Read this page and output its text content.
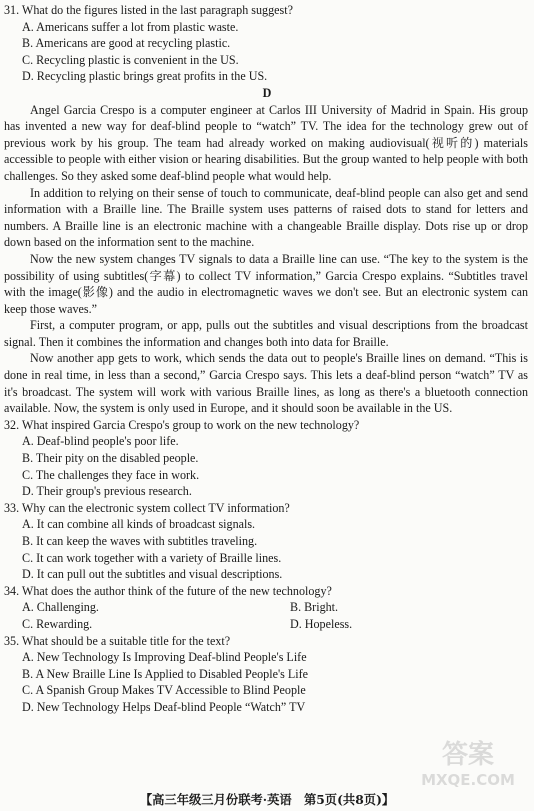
31. What do the figures listed in the last paragraph suggest?

A. Americans suffer a lot from plastic waste.

B. Americans are good at recycling plastic.

C. Recycling plastic is convenient in the US.

D. Recycling plastic brings great profits in the US.

D

Angel Garcia Crespo is a computer engineer at Carlos III University of Madrid in Spain. His group has invented a new way for deaf-blind people to “watch” TV. The idea for the technology grew out of previous work by his group. The team had already worked on making audiovisual(视听的) materials accessible to people with either vision or hearing disabilities. But the group wanted to help people with both challenges. So they asked some deaf-blind people what would help.

In addition to relying on their sense of touch to communicate, deaf-blind people can also get and send information with a Braille line. The Braille system uses patterns of raised dots to stand for letters and numbers. A Braille line is an electronic machine with a changeable Braille display. Dots rise up or drop down based on the information sent to the machine.

Now the new system changes TV signals to data a Braille line can use. “The key to the system is the possibility of using subtitles(字幕) to collect TV information,” Garcia Crespo explains. “Subtitles travel with the image(影像) and the audio in electromagnetic waves we don't see. But an electronic system can keep those waves.”

First, a computer program, or app, pulls out the subtitles and visual descriptions from the broadcast signal. Then it combines the information and changes both into data for Braille.

Now another app gets to work, which sends the data out to people's Braille lines on demand. “This is done in real time, in less than a second,” Garcia Crespo says. This lets a deaf-blind person “watch” TV as it's broadcast. The system will work with various Braille lines, as long as there's a bluetooth connection available. Now, the system is only used in Europe, and it should soon be available in the US.

32. What inspired Garcia Crespo's group to work on the new technology?

A. Deaf-blind people's poor life.

B. Their pity on the disabled people.

C. The challenges they face in work.

D. Their group's previous research.

33. Why can the electronic system collect TV information?

A. It can combine all kinds of broadcast signals.

B. It can keep the waves with subtitles traveling.

C. It can work together with a variety of Braille lines.

D. It can pull out the subtitles and visual descriptions.

34. What does the author think of the future of the new technology?

A. Challenging.	B. Bright.
C. Rewarding.	D. Hopeless.

35. What should be a suitable title for the text?

A. New Technology Is Improving Deaf-blind People's Life

B. A New Braille Line Is Applied to Disabled People's Life

C. A Spanish Group Makes TV Accessible to Blind People

D. New Technology Helps Deaf-blind People “Watch” TV

答案
MXQE.COM
【高三年级三月份联考·英语　第5页(共8页)】
